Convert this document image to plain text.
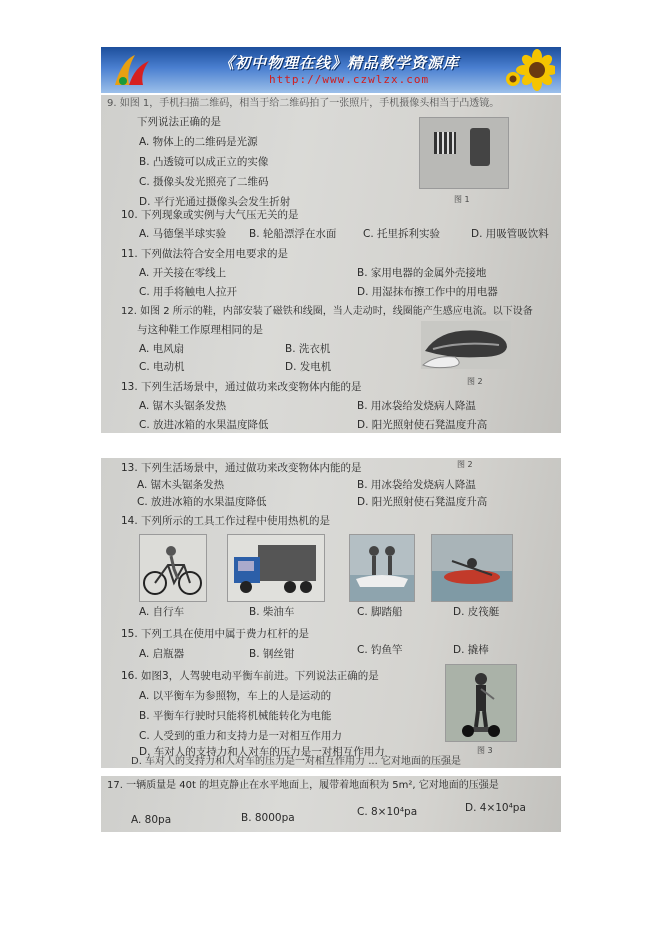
《初中物理在线》精品教学资源库
http://www.czwlzx.com
9. 如图 1，手机扫描二维码，相当于给二维码拍了一张照片，手机摄像头相当于凸透镜。
下列说法正确的是
A. 物体上的二维码是光源
B. 凸透镜可以成正立的实像
C. 摄像头发光照亮了二维码
D. 平行光通过摄像头会发生折射	图 1
10. 下列现象或实例与大气压无关的是
A. 马德堡半球实验 B. 轮船漂浮在水面	C. 托里拆利实验	D. 用吸管吸饮料
11. 下列做法符合安全用电要求的是
A. 开关接在零线上	B. 家用电器的金属外壳接地
C. 用手将触电人拉开	D. 用湿抹布擦工作中的用电器
12. 如图 2 所示的鞋，内部安装了磁铁和线圈，当人走动时，线圈能产生感应电流。以下设备
与这种鞋工作原理相同的是
A. 电风扇	B. 洗衣机
C. 电动机	D. 发电机
图 2
13. 下列生活场景中，通过做功来改变物体内能的是
A. 锯木头锯条发热	B. 用冰袋给发烧病人降温
C. 放进冰箱的水果温度降低	D. 阳光照射使石凳温度升高
13. 下列生活场景中，通过做功来改变物体内能的是	图 2
A. 锯木头锯条发热	B. 用冰袋给发烧病人降温
C. 放进冰箱的水果温度降低	D. 阳光照射使石凳温度升高
14. 下列所示的工具工作过程中使用热机的是
A. 自行车	B. 柴油车	C. 脚踏船	D. 皮筏艇
15. 下列工具在使用中属于费力杠杆的是
A. 启瓶器	B. 钢丝钳	C. 钓鱼竿	D. 撬棒
16. 如图3，人驾驶电动平衡车前进。下列说法正确的是
A. 以平衡车为参照物，车上的人是运动的
B. 平衡车行驶时只能将机械能转化为电能
C. 人受到的重力和支持力是一对相互作用力
D. 车对人的支持力和人对车的压力是一对相互作用力	图 3
D. 车对人的支持力和人对车的压力是一对相互作用力 ... 它对地面的压强是
17. 一辆质量是 40t 的坦克静止在水平地面上，履带着地面积为 5m², 它对地面的压强是
A. 80pa	B. 8000pa	C. 8×10⁴pa	D. 4×10⁴pa
